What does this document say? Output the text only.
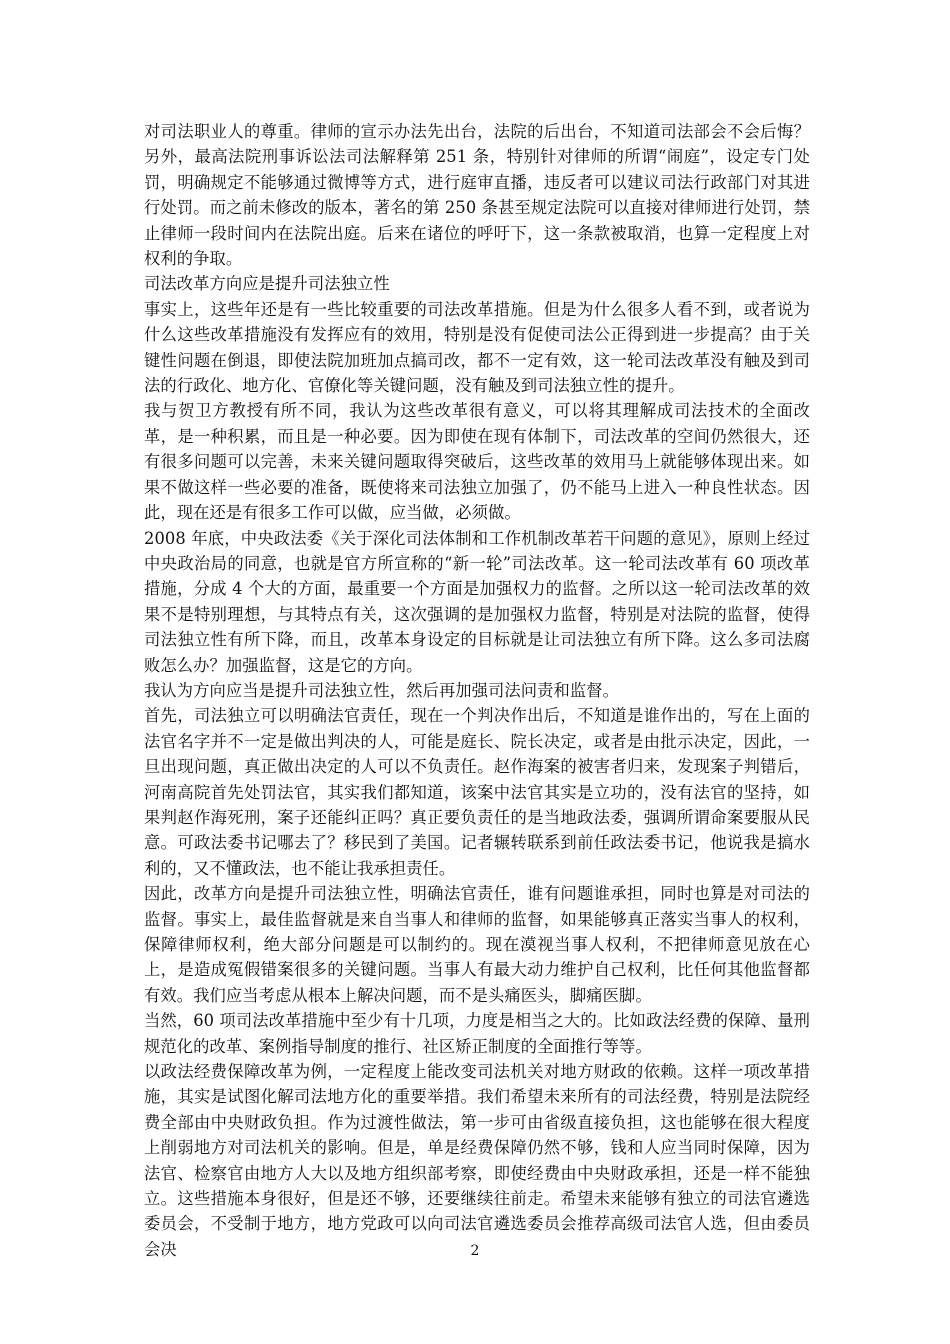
对司法职业人的尊重。律师的宣示办法先出台，法院的后出台，不知道司法部会不会后悔？另外，最高法院刑事诉讼法司法解释第 251 条，特别针对律师的所谓“闹庭”，设定专门处罚，明确规定不能够通过微博等方式，进行庭审直播，违反者可以建议司法行政部门对其进行处罚。而之前未修改的版本，著名的第 250 条甚至规定法院可以直接对律师进行处罚，禁止律师一段时间内在法院出庭。后来在诸位的呼吁下，这一条款被取消，也算一定程度上对权利的争取。

司法改革方向应是提升司法独立性

事实上，这些年还是有一些比较重要的司法改革措施。但是为什么很多人看不到，或者说为什么这些改革措施没有发挥应有的效用，特别是没有促使司法公正得到进一步提高？由于关键性问题在倒退，即使法院加班加点搞司改，都不一定有效，这一轮司法改革没有触及到司法的行政化、地方化、官僚化等关键问题，没有触及到司法独立性的提升。

我与贺卫方教授有所不同，我认为这些改革很有意义，可以将其理解成司法技术的全面改革，是一种积累，而且是一种必要。因为即使在现有体制下，司法改革的空间仍然很大，还有很多问题可以完善，未来关键问题取得突破后，这些改革的效用马上就能够体现出来。如果不做这样一些必要的准备，既使将来司法独立加强了，仍不能马上进入一种良性状态。因此，现在还是有很多工作可以做，应当做，必须做。

2008 年底，中央政法委《关于深化司法体制和工作机制改革若干问题的意见》，原则上经过中央政治局的同意，也就是官方所宣称的“新一轮”司法改革。这一轮司法改革有 60 项改革措施，分成 4 个大的方面，最重要一个方面是加强权力的监督。之所以这一轮司法改革的效果不是特别理想，与其特点有关，这次强调的是加强权力监督，特别是对法院的监督，使得司法独立性有所下降，而且，改革本身设定的目标就是让司法独立有所下降。这么多司法腐败怎么办？加强监督，这是它的方向。

我认为方向应当是提升司法独立性，然后再加强司法问责和监督。

首先，司法独立可以明确法官责任，现在一个判决作出后，不知道是谁作出的，写在上面的法官名字并不一定是做出判决的人，可能是庭长、院长决定，或者是由批示决定，因此，一旦出现问题，真正做出决定的人可以不负责任。赵作海案的被害者归来，发现案子判错后，河南高院首先处罚法官，其实我们都知道，该案中法官其实是立功的，没有法官的坚持，如果判赵作海死刑，案子还能纠正吗？真正要负责任的是当地政法委，强调所谓命案要服从民意。可政法委书记哪去了？移民到了美国。记者辗转联系到前任政法委书记，他说我是搞水利的，又不懂政法，也不能让我承担责任。

因此，改革方向是提升司法独立性，明确法官责任，谁有问题谁承担，同时也算是对司法的监督。事实上，最佳监督就是来自当事人和律师的监督，如果能够真正落实当事人的权利，保障律师权利，绝大部分问题是可以制约的。现在漠视当事人权利，不把律师意见放在心上，是造成冤假错案很多的关键问题。当事人有最大动力维护自己权利，比任何其他监督都有效。我们应当考虑从根本上解决问题，而不是头痛医头，脚痛医脚。

当然，60 项司法改革措施中至少有十几项，力度是相当之大的。比如政法经费的保障、量刑规范化的改革、案例指导制度的推行、社区矫正制度的全面推行等等。

以政法经费保障改革为例，一定程度上能改变司法机关对地方财政的依赖。这样一项改革措施，其实是试图化解司法地方化的重要举措。我们希望未来所有的司法经费，特别是法院经费全部由中央财政负担。作为过渡性做法，第一步可由省级直接负担，这也能够在很大程度上削弱地方对司法机关的影响。但是，单是经费保障仍然不够，钱和人应当同时保障，因为法官、检察官由地方人大以及地方组织部考察，即使经费由中央财政承担，还是一样不能独立。这些措施本身很好，但是还不够，还要继续往前走。希望未来能够有独立的司法官遴选委员会，不受制于地方，地方党政可以向司法官遴选委员会推荐高级司法官人选，但由委员会决	2
